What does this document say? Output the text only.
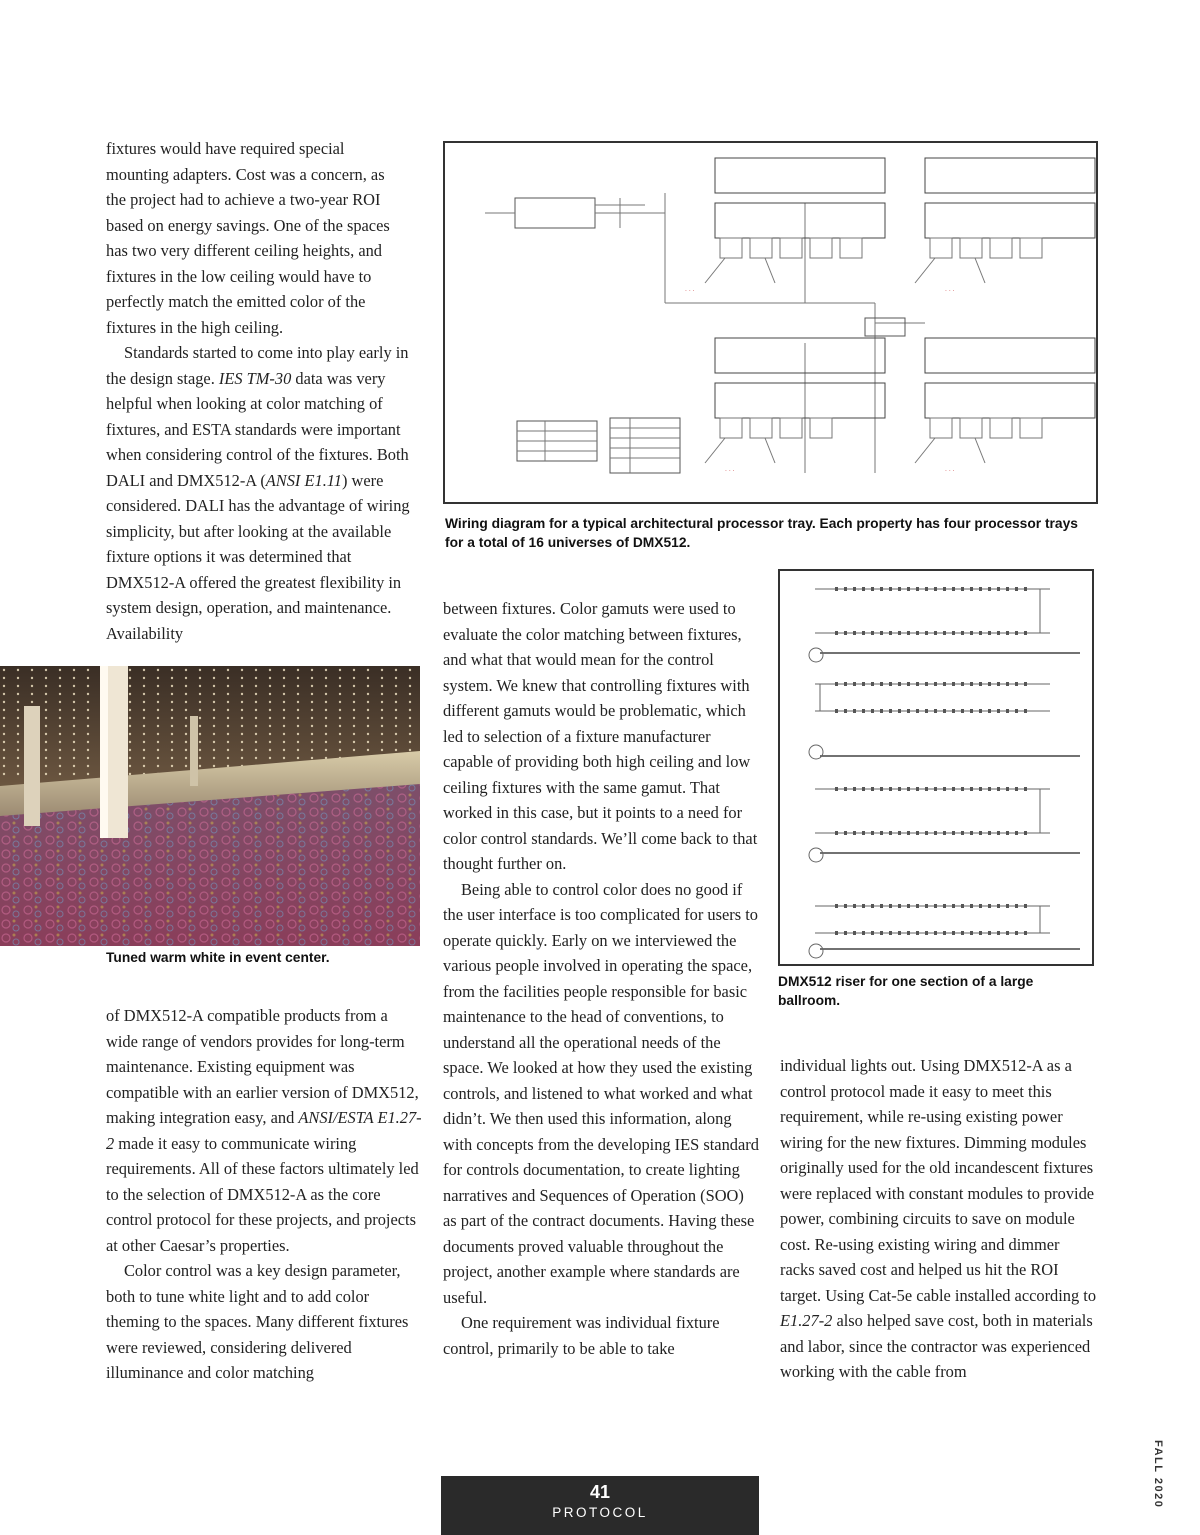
fixtures would have required special
mounting adapters. Cost was a concern, as
the project had to achieve a two-year ROI
based on energy savings. One of the spaces
has two very different ceiling heights, and
fixtures in the low ceiling would have to
perfectly match the emitted color of the
fixtures in the high ceiling.

Standards started to come into play early in the design stage. IES TM-30 data was very helpful when looking at color matching of fixtures, and ESTA standards were important when considering control of the fixtures. Both DALI and DMX512-A (ANSI E1.11) were considered. DALI has the advantage of wiring simplicity, but after looking at the available fixture options it was determined that DMX512-A offered the greatest flexibility in system design, operation, and maintenance. Availability

Tuned warm white in event center.

of DMX512-A compatible products from a wide range of vendors provides for long-term maintenance. Existing equipment was compatible with an earlier version of DMX512, making integration easy, and ANSI/ESTA E1.27-2 made it easy to communicate wiring requirements. All of these factors ultimately led to the selection of DMX512-A as the core control protocol for these projects, and projects at other Caesar’s properties.

Color control was a key design parameter, both to tune white light and to add color theming to the spaces. Many different fixtures were reviewed, considering delivered illuminance and color matching

· · ·	· · ·
· · ·	· · ·
Wiring diagram for a typical architectural processor tray. Each property has four processor trays for a total of 16 universes of DMX512.

between fixtures. Color gamuts were used to evaluate the color matching between fixtures, and what that would mean for the control system. We knew that controlling fixtures with different gamuts would be problematic, which led to selection of a fixture manufacturer capable of providing both high ceiling and low ceiling fixtures with the same gamut. That worked in this case, but it points to a need for color control standards. We’ll come back to that thought further on.

Being able to control color does no good if the user interface is too complicated for users to operate quickly. Early on we interviewed the various people involved in operating the space, from the facilities people responsible for basic maintenance to the head of conventions, to understand all the operational needs of the space. We looked at how they used the existing controls, and listened to what worked and what didn’t. We then used this information, along with concepts from the developing IES standard for controls documentation, to create lighting narratives and Sequences of Operation (SOO) as part of the contract documents. Having these documents proved valuable throughout the project, another example where standards are useful.

One requirement was individual fixture control, primarily to be able to take

DMX512 riser for one section of a large ballroom.

individual lights out. Using DMX512-A as a control protocol made it easy to meet this requirement, while re-using existing power wiring for the new fixtures. Dimming modules originally used for the old incandescent fixtures were replaced with constant modules to provide power, combining circuits to save on module cost. Re-using existing wiring and dimmer racks saved cost and helped us hit the ROI target. Using Cat-5e cable installed according to E1.27-2 also helped save cost, both in materials and labor, since the contractor was experienced working with the cable from

41
PROTOCOL
FALL 2020
